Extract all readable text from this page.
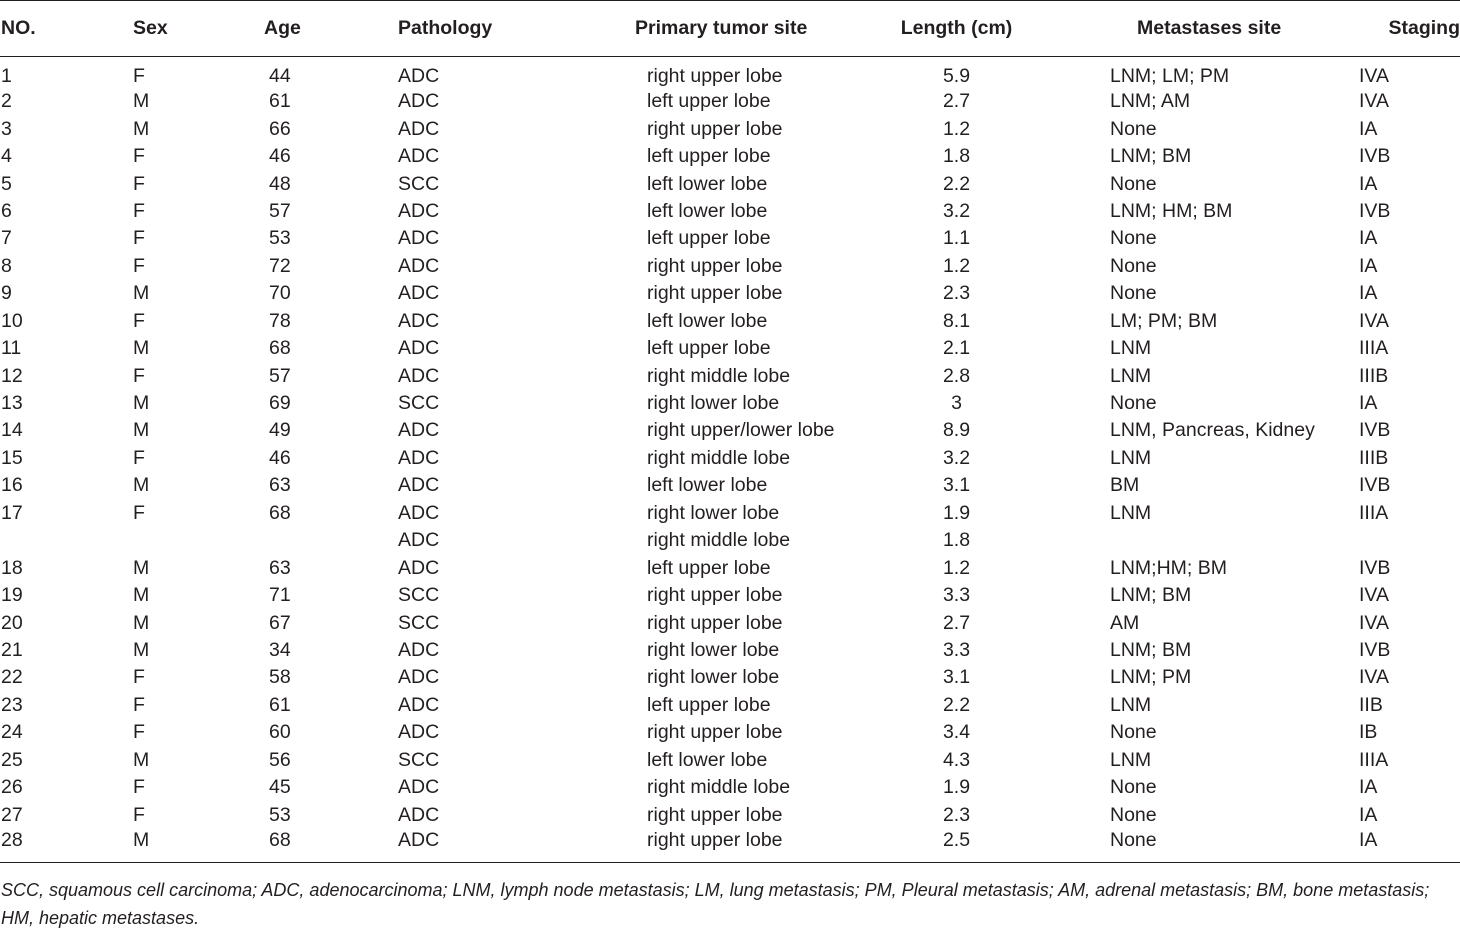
NO.	Sex	Age	Pathology	Primary tumor site	Length (cm)	Metastases site	Staging
1	F	44	ADC	right upper lobe	5.9	LNM; LM; PM	IVA
2	M	61	ADC	left upper lobe	2.7	LNM; AM	IVA
3	M	66	ADC	right upper lobe	1.2	None	IA
4	F	46	ADC	left upper lobe	1.8	LNM; BM	IVB
5	F	48	SCC	left lower lobe	2.2	None	IA
6	F	57	ADC	left lower lobe	3.2	LNM; HM; BM	IVB
7	F	53	ADC	left upper lobe	1.1	None	IA
8	F	72	ADC	right upper lobe	1.2	None	IA
9	M	70	ADC	right upper lobe	2.3	None	IA
10	F	78	ADC	left lower lobe	8.1	LM; PM; BM	IVA
11	M	68	ADC	left upper lobe	2.1	LNM	IIIA
12	F	57	ADC	right middle lobe	2.8	LNM	IIIB
13	M	69	SCC	right lower lobe	3	None	IA
14	M	49	ADC	right upper/lower lobe	8.9	LNM, Pancreas, Kidney	IVB
15	F	46	ADC	right middle lobe	3.2	LNM	IIIB
16	M	63	ADC	left lower lobe	3.1	BM	IVB
17	F	68	ADC	right lower lobe	1.9	LNM	IIIA
			ADC	right middle lobe	1.8		
18	M	63	ADC	left upper lobe	1.2	LNM;HM; BM	IVB
19	M	71	SCC	right upper lobe	3.3	LNM; BM	IVA
20	M	67	SCC	right upper lobe	2.7	AM	IVA
21	M	34	ADC	right lower lobe	3.3	LNM; BM	IVB
22	F	58	ADC	right lower lobe	3.1	LNM; PM	IVA
23	F	61	ADC	left upper lobe	2.2	LNM	IIB
24	F	60	ADC	right upper lobe	3.4	None	IB
25	M	56	SCC	left lower lobe	4.3	LNM	IIIA
26	F	45	ADC	right middle lobe	1.9	None	IA
27	F	53	ADC	right upper lobe	2.3	None	IA
28	M	68	ADC	right upper lobe	2.5	None	IA
SCC, squamous cell carcinoma; ADC, adenocarcinoma; LNM, lymph node metastasis; LM, lung metastasis; PM, Pleural metastasis; AM, adrenal metastasis; BM, bone metastasis; HM, hepatic metastases.
